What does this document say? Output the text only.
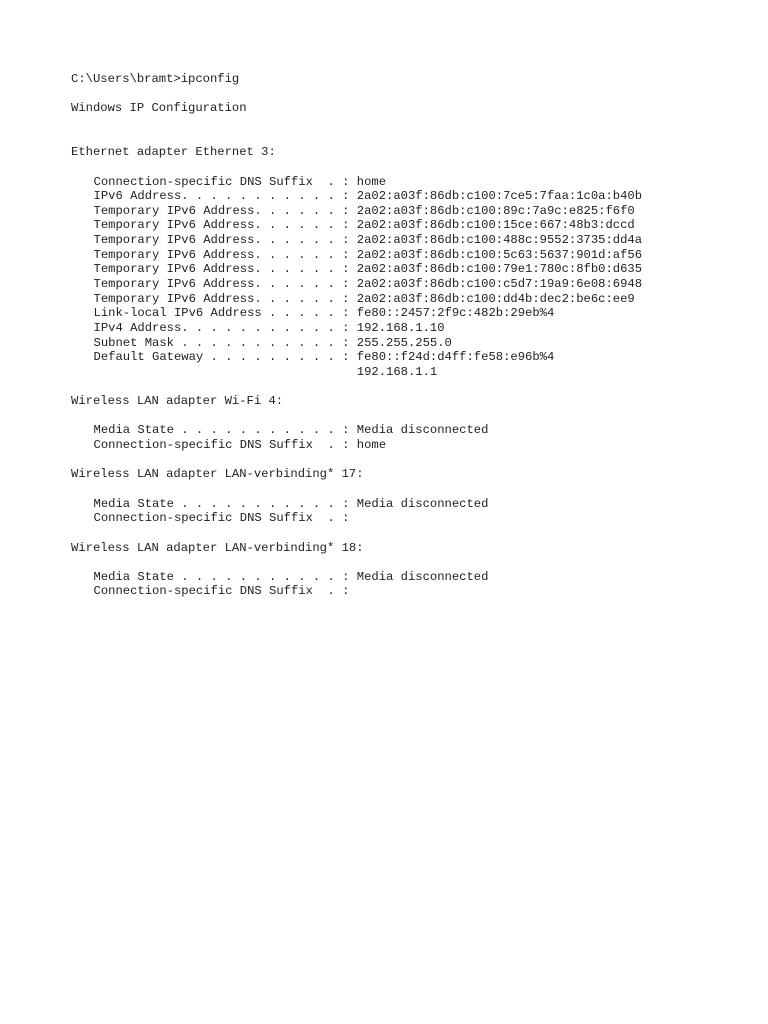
C:\Users\bramt>ipconfig
Windows IP Configuration
Ethernet adapter Ethernet 3:
Connection-specific DNS Suffix  . : home
IPv6 Address. . . . . . . . . . . : 2a02:a03f:86db:c100:7ce5:7faa:1c0a:b40b
Temporary IPv6 Address. . . . . . : 2a02:a03f:86db:c100:89c:7a9c:e825:f6f0
Temporary IPv6 Address. . . . . . : 2a02:a03f:86db:c100:15ce:667:48b3:dccd
Temporary IPv6 Address. . . . . . : 2a02:a03f:86db:c100:488c:9552:3735:dd4a
Temporary IPv6 Address. . . . . . : 2a02:a03f:86db:c100:5c63:5637:901d:af56
Temporary IPv6 Address. . . . . . : 2a02:a03f:86db:c100:79e1:780c:8fb0:d635
Temporary IPv6 Address. . . . . . : 2a02:a03f:86db:c100:c5d7:19a9:6e08:6948
Temporary IPv6 Address. . . . . . : 2a02:a03f:86db:c100:dd4b:dec2:be6c:ee9
Link-local IPv6 Address . . . . . : fe80::2457:2f9c:482b:29eb%4
IPv4 Address. . . . . . . . . . . : 192.168.1.10
Subnet Mask . . . . . . . . . . . : 255.255.255.0
Default Gateway . . . . . . . . . : fe80::f24d:d4ff:fe58:e96b%4
192.168.1.1
Wireless LAN adapter Wi-Fi 4:
Media State . . . . . . . . . . . : Media disconnected
Connection-specific DNS Suffix  . : home
Wireless LAN adapter LAN-verbinding* 17:
Media State . . . . . . . . . . . : Media disconnected
Connection-specific DNS Suffix  . :
Wireless LAN adapter LAN-verbinding* 18:
Media State . . . . . . . . . . . : Media disconnected
Connection-specific DNS Suffix  . :
